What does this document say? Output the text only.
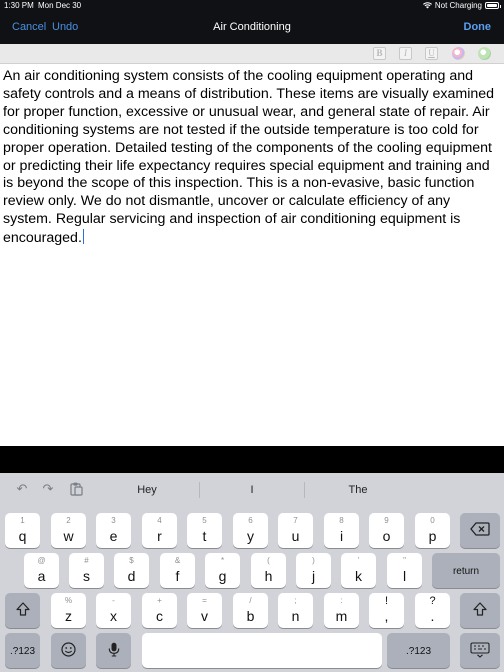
1:30 PM Mon Dec 30	Not Charging
Cancel Undo	Air Conditioning	Done
B	I	U
An air conditioning system consists of the cooling equipment operating and safety controls and a means of distribution. These items are visually examined for proper function, excessive or unusual wear, and general state of repair. Air conditioning systems are not tested if the outside temperature is too cold for proper operation. Detailed testing of the components of the cooling equipment or predicting their life expectancy requires special equipment and training and is beyond the scope of this inspection. This is a non-evasive, basic function review only. We do not dismantle, uncover or calculate efficiency of any system. Regular servicing and inspection of air conditioning equipment is encouraged.
↶ ↷	Hey	I	The
1
q
2
w
3
e
4
r
5
t
6
y
7
u
8
i
9
o
0
p
@
a
#
s
$
d
&
f
*
g
(
h
)
j
'
k
"
l	return
%
z
-
x
+
c
=
v
/
b
;
n
:
m
!
,
?
.
.?123	.?123
